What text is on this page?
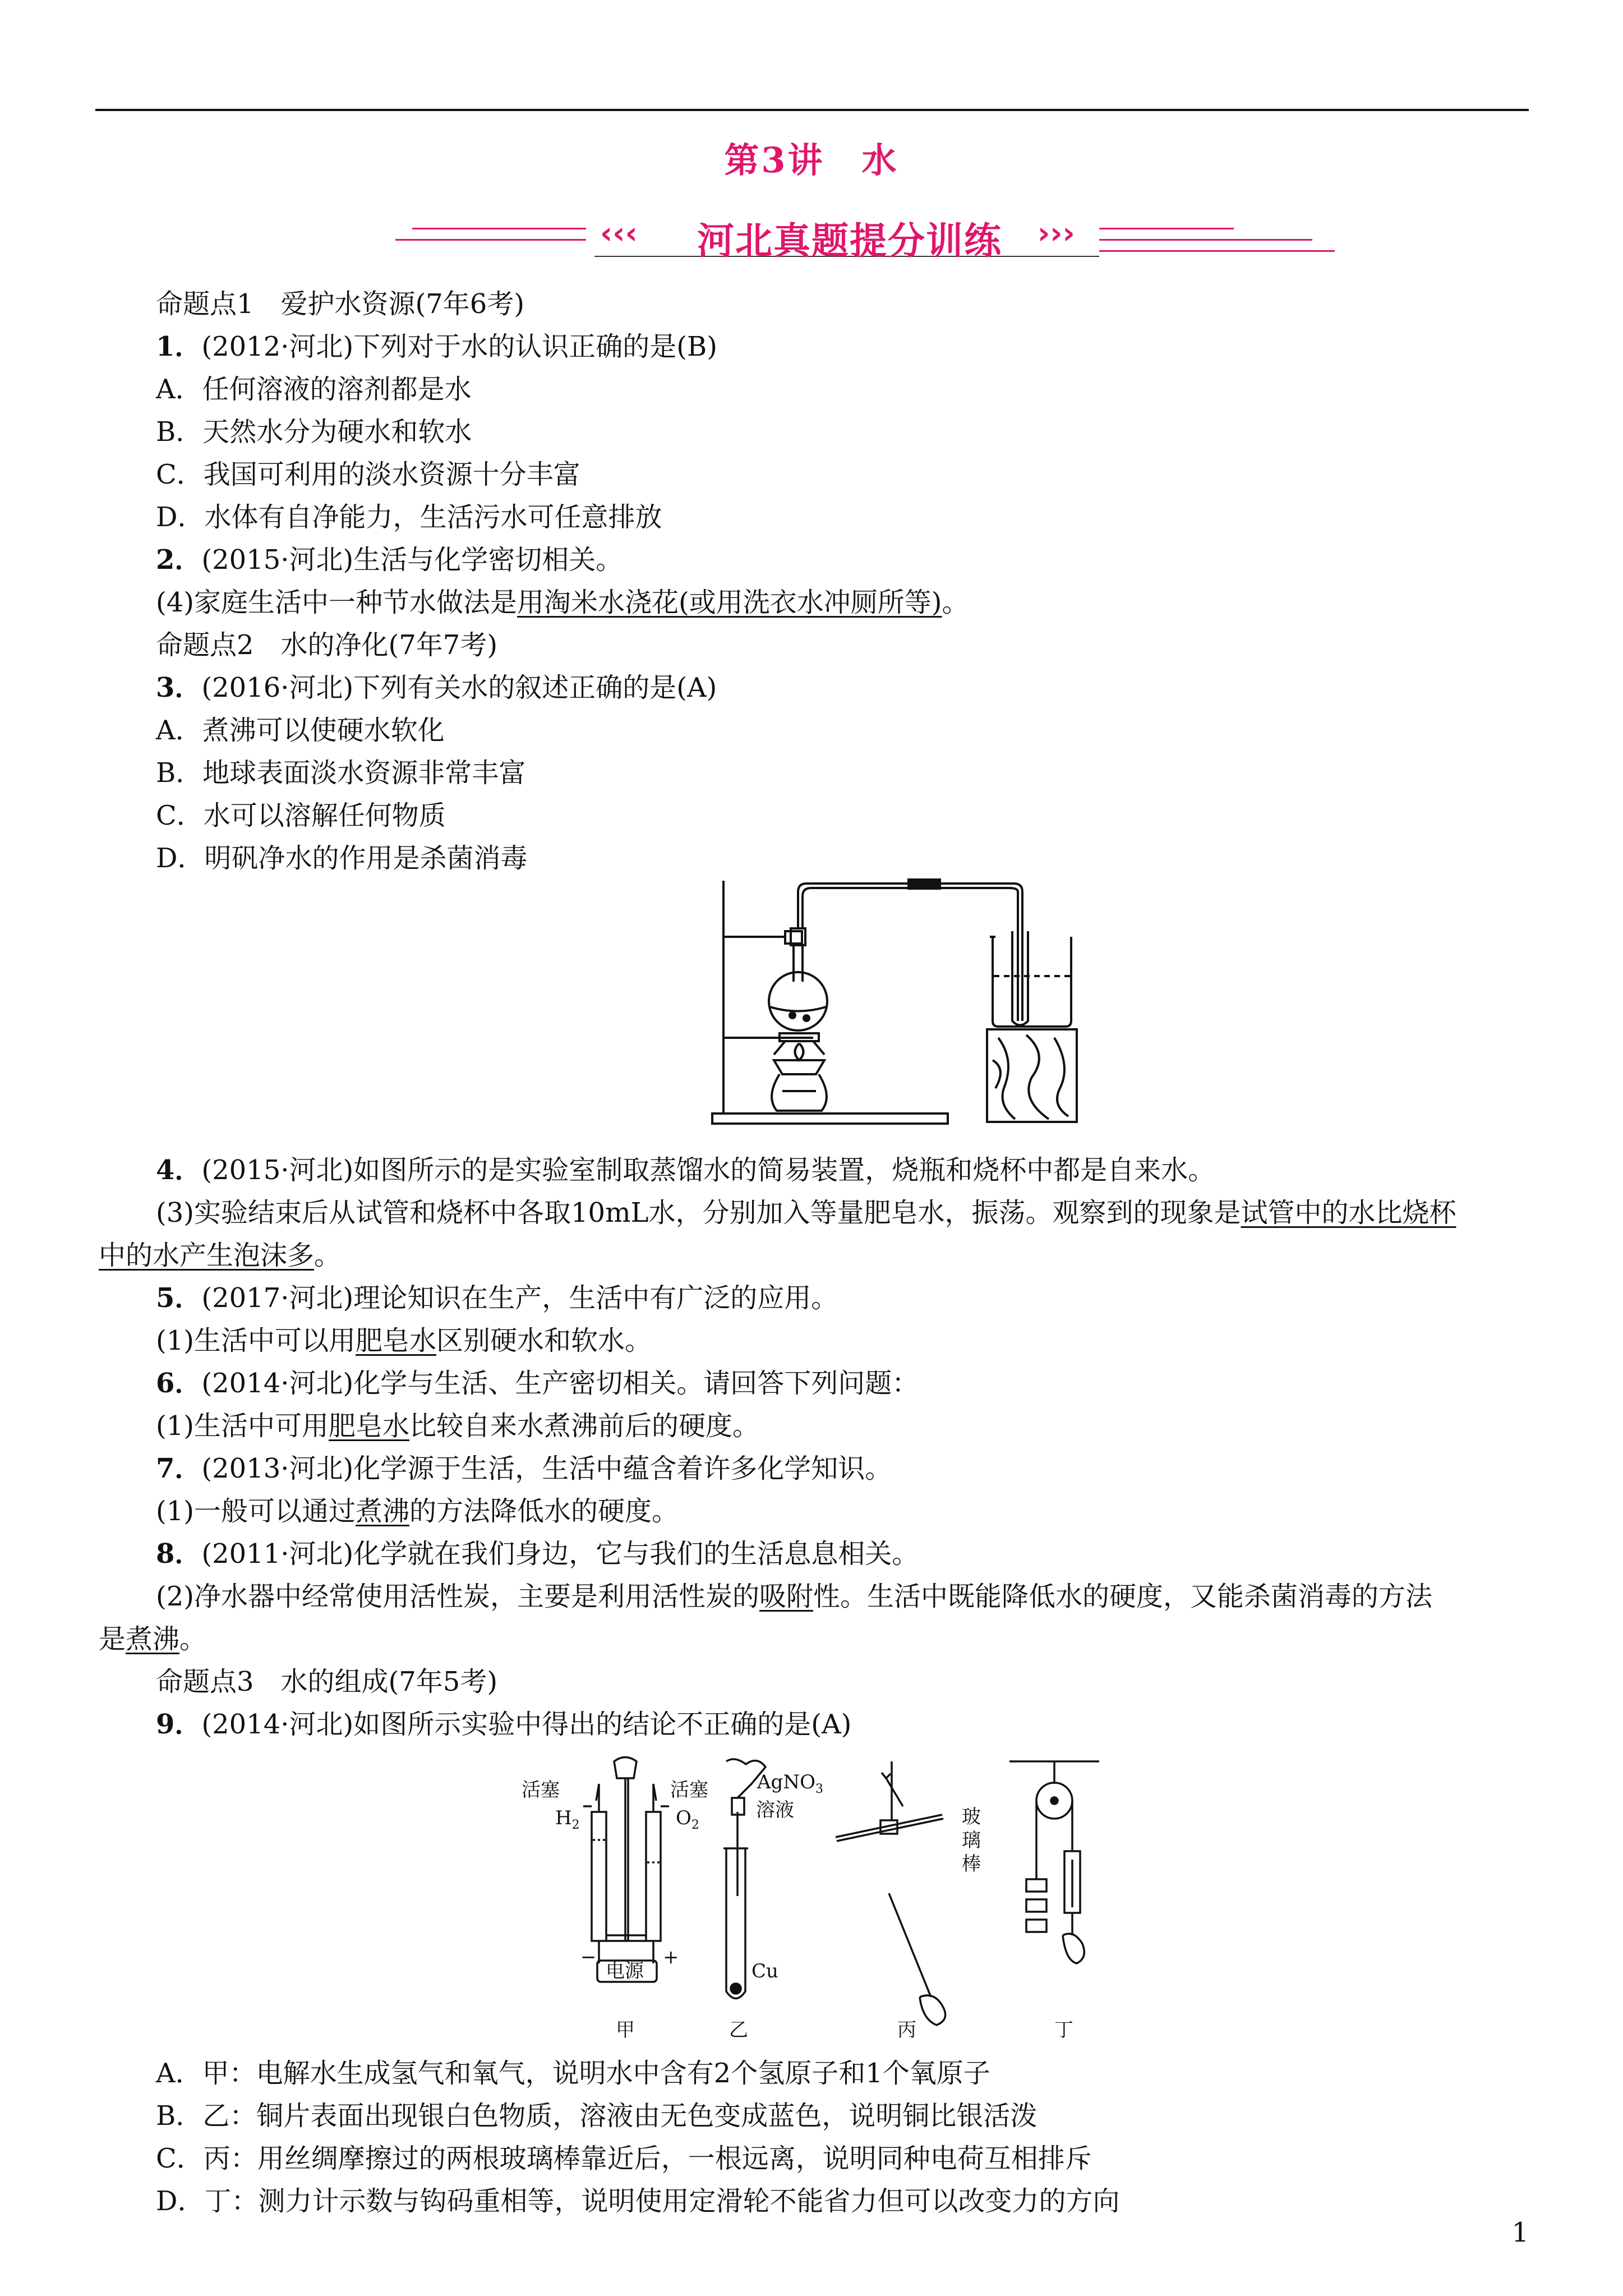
第3讲　水
‹‹‹	河北真题提分训练	›››
命题点1　爱护水资源(7年6考)
1．(2012·河北)下列对于水的认识正确的是(B)
A．任何溶液的溶剂都是水
B．天然水分为硬水和软水
C．我国可利用的淡水资源十分丰富
D．水体有自净能力，生活污水可任意排放
2．(2015·河北)生活与化学密切相关。
(4)家庭生活中一种节水做法是用淘米水浇花(或用洗衣水冲厕所等)。
命题点2　水的净化(7年7考)
3．(2016·河北)下列有关水的叙述正确的是(A)
A．煮沸可以使硬水软化
B．地球表面淡水资源非常丰富
C．水可以溶解任何物质
D．明矾净水的作用是杀菌消毒
4．(2015·河北)如图所示的是实验室制取蒸馏水的简易装置，烧瓶和烧杯中都是自来水。
(3)实验结束后从试管和烧杯中各取10mL水，分别加入等量肥皂水，振荡。观察到的现象是试管中的水比烧杯
中的水产生泡沫多。
5．(2017·河北)理论知识在生产，生活中有广泛的应用。
(1)生活中可以用肥皂水区别硬水和软水。
6．(2014·河北)化学与生活、生产密切相关。请回答下列问题：
(1)生活中可用肥皂水比较自来水煮沸前后的硬度。
7．(2013·河北)化学源于生活，生活中蕴含着许多化学知识。
(1)一般可以通过煮沸的方法降低水的硬度。
8．(2011·河北)化学就在我们身边，它与我们的生活息息相关。
(2)净水器中经常使用活性炭，主要是利用活性炭的吸附性。生活中既能降低水的硬度，又能杀菌消毒的方法
是煮沸。
命题点3　水的组成(7年5考)
9．(2014·河北)如图所示实验中得出的结论不正确的是(A)
活塞	活塞
$H_2$	$O_2$
−	+
电源
AgNO$_3$
溶液
Cu
玻
璃
棒
甲	乙	丙	丁
A．甲：电解水生成氢气和氧气，说明水中含有2个氢原子和1个氧原子
B．乙：铜片表面出现银白色物质，溶液由无色变成蓝色，说明铜比银活泼
C．丙：用丝绸摩擦过的两根玻璃棒靠近后，一根远离，说明同种电荷互相排斥
D．丁：测力计示数与钩码重相等，说明使用定滑轮不能省力但可以改变力的方向
1
